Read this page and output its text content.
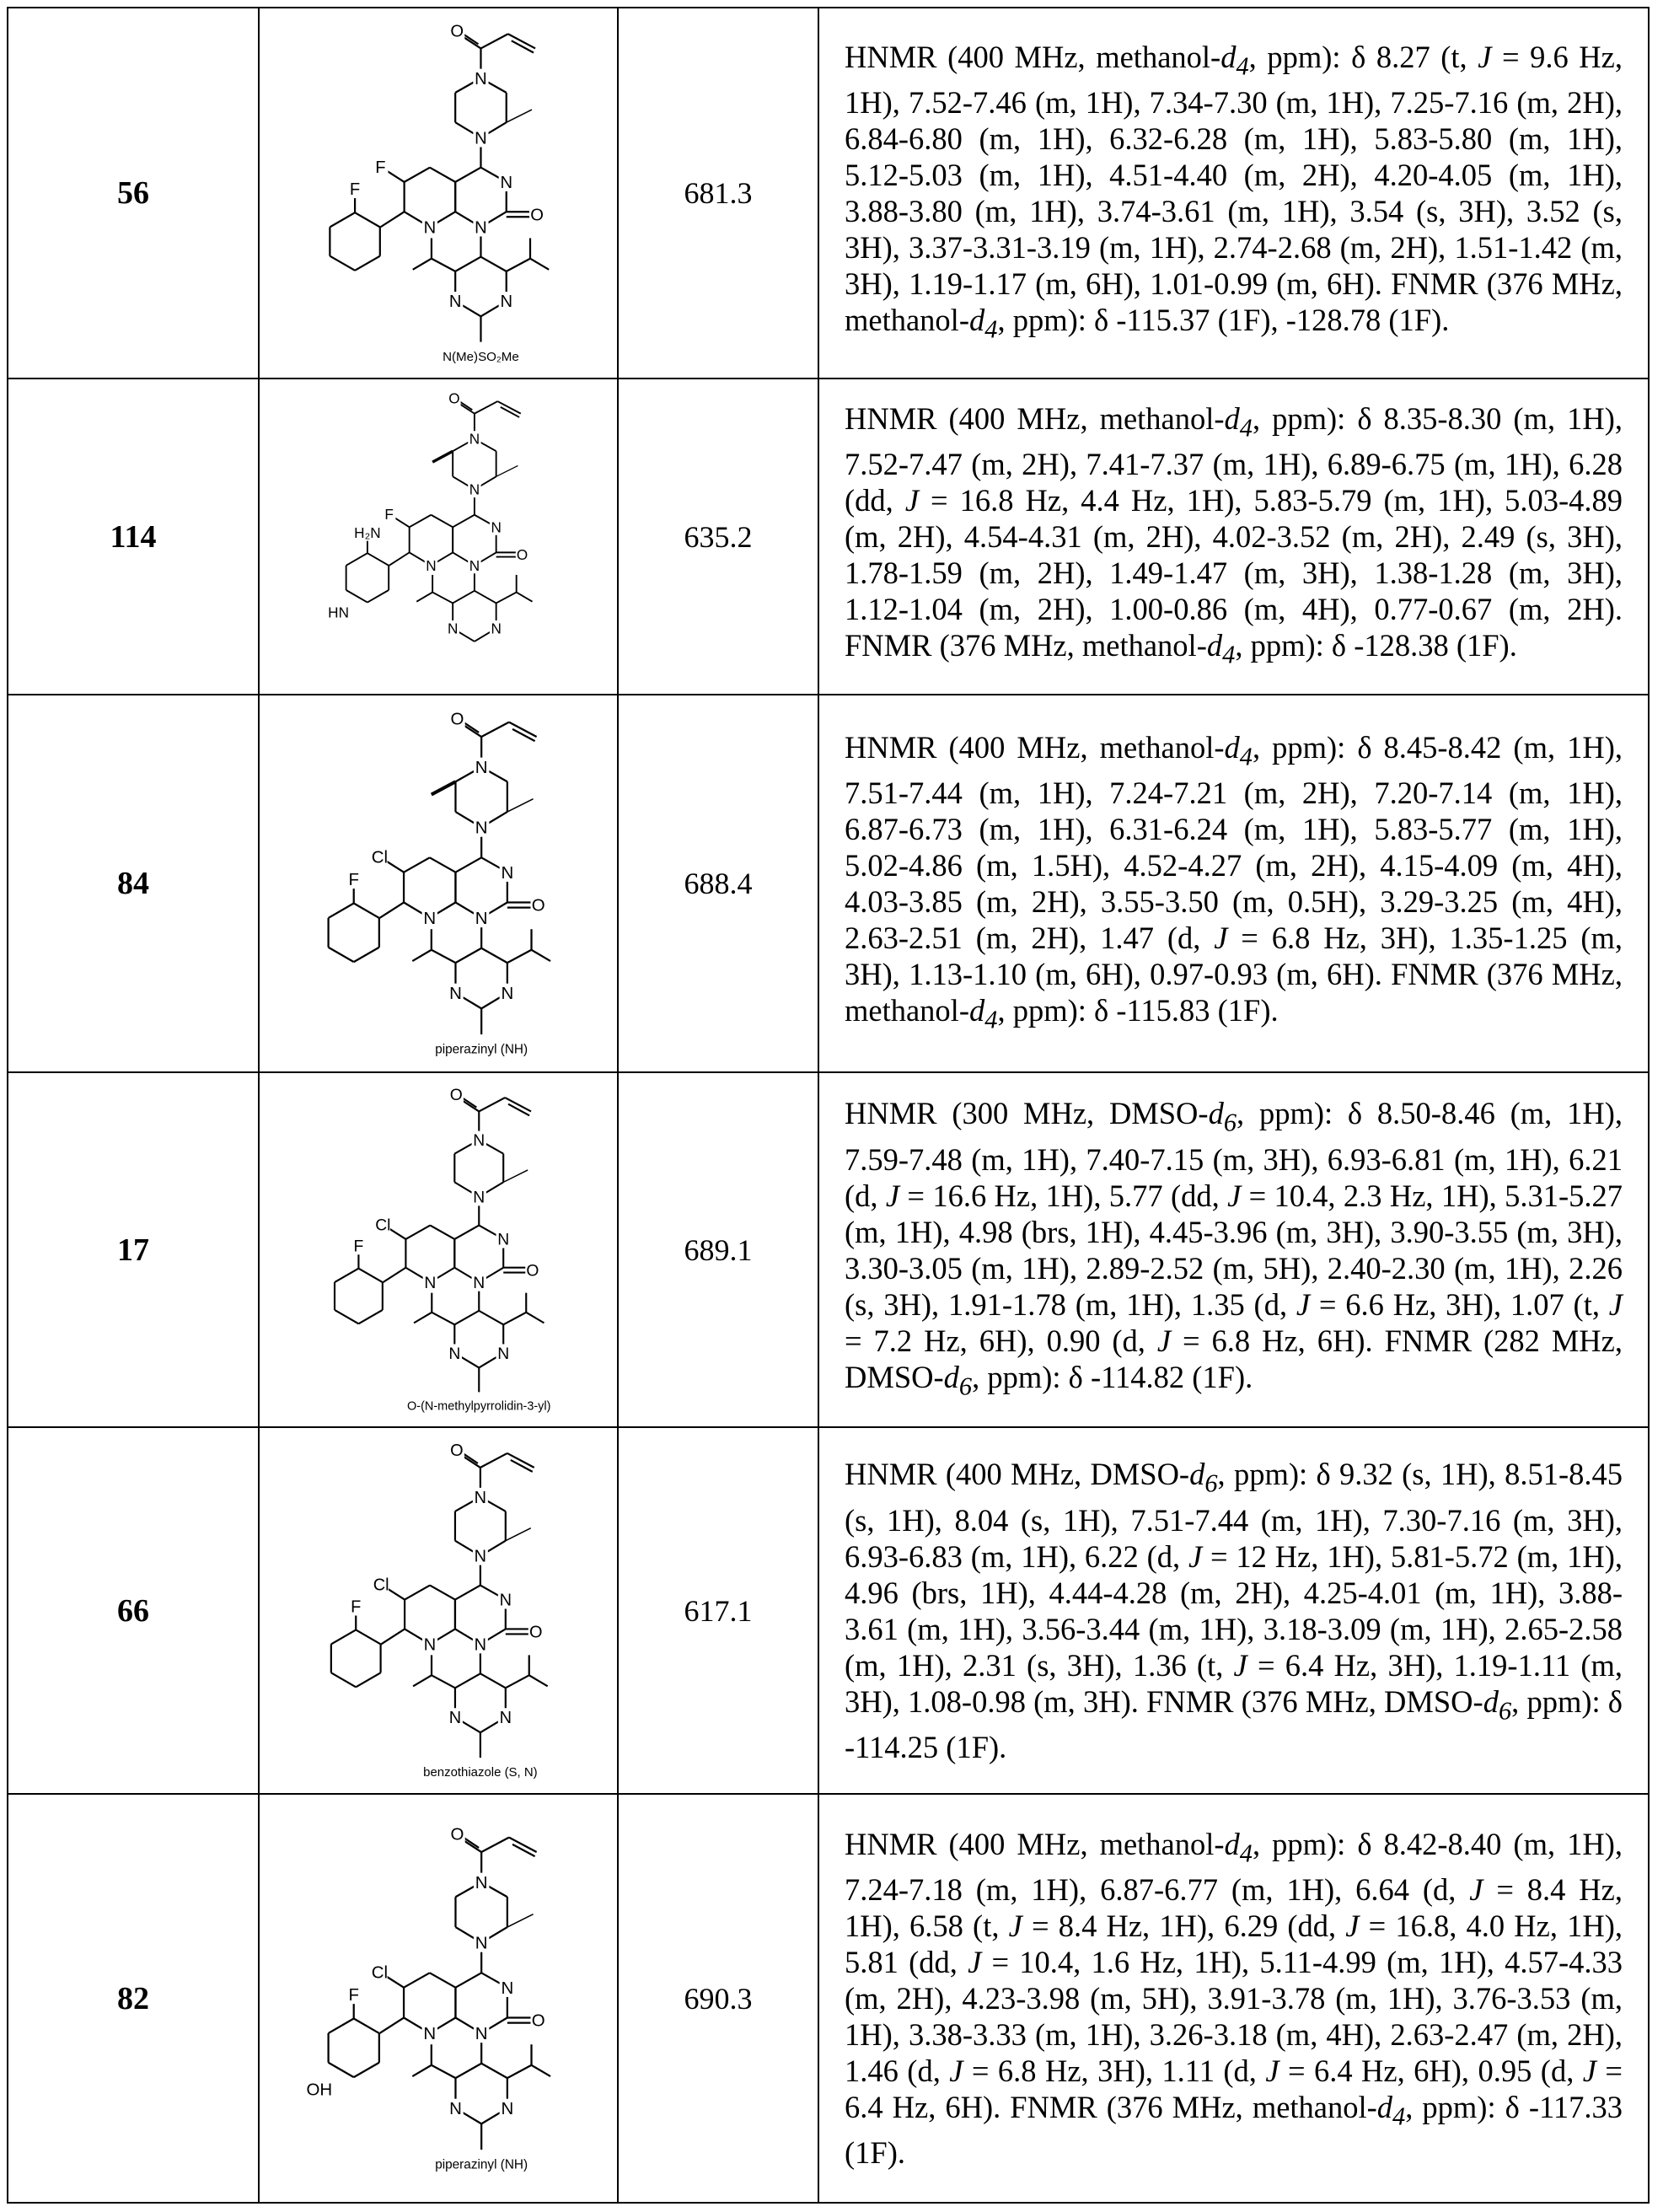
56	
O
N
N
N
N
N
O
N
N
F
F
N(Me)SO₂Me
	681.3	HNMR (400 MHz, methanol-d4, ppm): δ 8.27 (t, J = 9.6 Hz, 1H), 7.52-7.46 (m, 1H), 7.34-7.30 (m, 1H), 7.25-7.16 (m, 2H), 6.84-6.80 (m, 1H), 6.32-6.28 (m, 1H), 5.83-5.80 (m, 1H), 5.12-5.03 (m, 1H), 4.51-4.40 (m, 2H), 4.20-4.05 (m, 1H), 3.88-3.80 (m, 1H), 3.74-3.61 (m, 1H), 3.54 (s, 3H), 3.52 (s, 3H), 3.37-3.31-3.19 (m, 1H), 2.74-2.68 (m, 2H), 1.51-1.42 (m, 3H), 1.19-1.17 (m, 6H), 1.01-0.99 (m, 6H). FNMR (376 MHz, methanol-d4, ppm): δ -115.37 (1F), -128.78 (1F).
114	
O
N
N
N
N
N
O
N
N
F
H₂N
HN
	635.2	HNMR (400 MHz, methanol-d4, ppm): δ 8.35-8.30 (m, 1H), 7.52-7.47 (m, 2H), 7.41-7.37 (m, 1H), 6.89-6.75 (m, 1H), 6.28 (dd, J = 16.8 Hz, 4.4 Hz, 1H), 5.83-5.79 (m, 1H), 5.03-4.89 (m, 2H), 4.54-4.31 (m, 2H), 4.02-3.52 (m, 2H), 2.49 (s, 3H), 1.78-1.59 (m, 2H), 1.49-1.47 (m, 3H), 1.38-1.28 (m, 3H), 1.12-1.04 (m, 2H), 1.00-0.86 (m, 4H), 0.77-0.67 (m, 2H). FNMR (376 MHz, methanol-d4, ppm): δ -128.38 (1F).
84	
O
N
N
N
N
N
O
N
N
Cl
F
piperazinyl (NH)
	688.4	HNMR (400 MHz, methanol-d4, ppm): δ 8.45-8.42 (m, 1H), 7.51-7.44 (m, 1H), 7.24-7.21 (m, 2H), 7.20-7.14 (m, 1H), 6.87-6.73 (m, 1H), 6.31-6.24 (m, 1H), 5.83-5.77 (m, 1H), 5.02-4.86 (m, 1.5H), 4.52-4.27 (m, 2H), 4.15-4.09 (m, 4H), 4.03-3.85 (m, 2H), 3.55-3.50 (m, 0.5H), 3.29-3.25 (m, 4H), 2.63-2.51 (m, 2H), 1.47 (d, J = 6.8 Hz, 3H), 1.35-1.25 (m, 3H), 1.13-1.10 (m, 6H), 0.97-0.93 (m, 6H). FNMR (376 MHz, methanol-d4, ppm): δ -115.83 (1F).
17	
O
N
N
N
N
N
O
N
N
Cl
F
O-(N-methylpyrrolidin-3-yl)
	689.1	HNMR (300 MHz, DMSO-d6, ppm): δ 8.50-8.46 (m, 1H), 7.59-7.48 (m, 1H), 7.40-7.15 (m, 3H), 6.93-6.81 (m, 1H), 6.21 (d, J = 16.6 Hz, 1H), 5.77 (dd, J = 10.4, 2.3 Hz, 1H), 5.31-5.27 (m, 1H), 4.98 (brs, 1H), 4.45-3.96 (m, 3H), 3.90-3.55 (m, 3H), 3.30-3.05 (m, 1H), 2.89-2.52 (m, 5H), 2.40-2.30 (m, 1H), 2.26 (s, 3H), 1.91-1.78 (m, 1H), 1.35 (d, J = 6.6 Hz, 3H), 1.07 (t, J = 7.2 Hz, 6H), 0.90 (d, J = 6.8 Hz, 6H). FNMR (282 MHz, DMSO-d6, ppm): δ -114.82 (1F).
66	
O
N
N
N
N
N
O
N
N
Cl
F
benzothiazole (S, N)
	617.1	HNMR (400 MHz, DMSO-d6, ppm): δ 9.32 (s, 1H), 8.51-8.45 (s, 1H), 8.04 (s, 1H), 7.51-7.44 (m, 1H), 7.30-7.16 (m, 3H), 6.93-6.83 (m, 1H), 6.22 (d, J = 12 Hz, 1H), 5.81-5.72 (m, 1H), 4.96 (brs, 1H), 4.44-4.28 (m, 2H), 4.25-4.01 (m, 1H), 3.88-3.61 (m, 1H), 3.56-3.44 (m, 1H), 3.18-3.09 (m, 1H), 2.65-2.58 (m, 1H), 2.31 (s, 3H), 1.36 (t, J = 6.4 Hz, 3H), 1.19-1.11 (m, 3H), 1.08-0.98 (m, 3H). FNMR (376 MHz, DMSO-d6, ppm): δ -114.25 (1F).
82	
O
N
N
N
N
N
O
N
N
Cl
F
OH
piperazinyl (NH)
	690.3	HNMR (400 MHz, methanol-d4, ppm): δ 8.42-8.40 (m, 1H), 7.24-7.18 (m, 1H), 6.87-6.77 (m, 1H), 6.64 (d, J = 8.4 Hz, 1H), 6.58 (t, J = 8.4 Hz, 1H), 6.29 (dd, J = 16.8, 4.0 Hz, 1H), 5.81 (dd, J = 10.4, 1.6 Hz, 1H), 5.11-4.99 (m, 1H), 4.57-4.33 (m, 2H), 4.23-3.98 (m, 5H), 3.91-3.78 (m, 1H), 3.76-3.53 (m, 1H), 3.38-3.33 (m, 1H), 3.26-3.18 (m, 4H), 2.63-2.47 (m, 2H), 1.46 (d, J = 6.8 Hz, 3H), 1.11 (d, J = 6.4 Hz, 6H), 0.95 (d, J = 6.4 Hz, 6H). FNMR (376 MHz, methanol-d4, ppm): δ -117.33 (1F).
